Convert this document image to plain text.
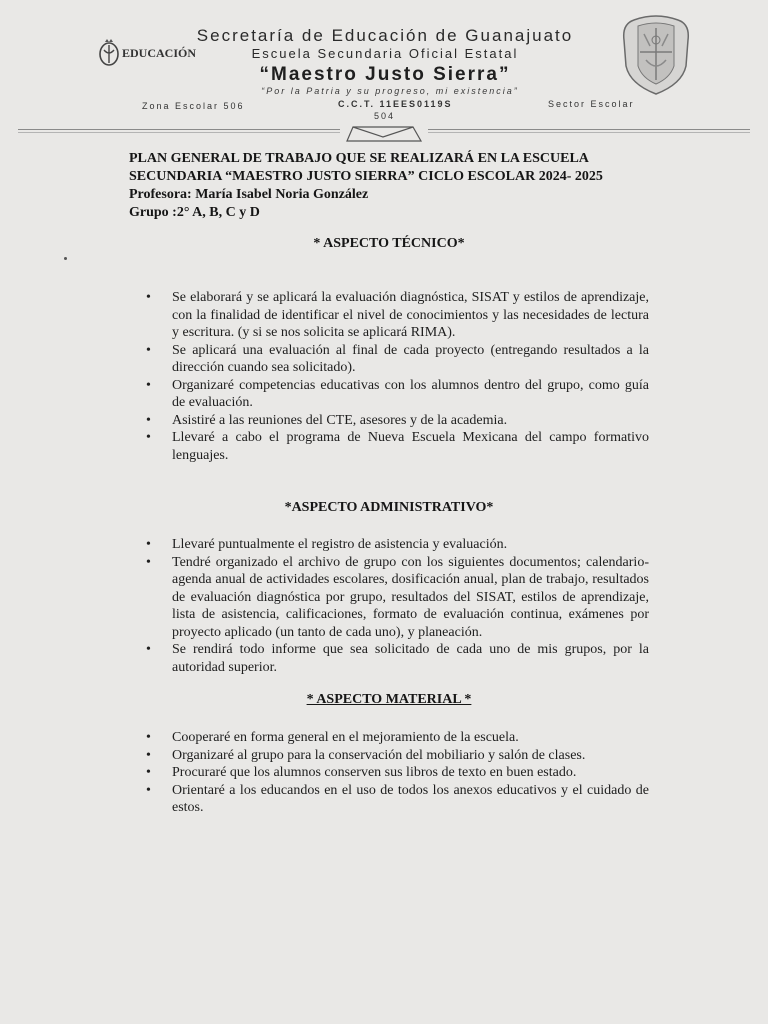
EDUCACIÓN
Secretaría de Educación de Guanajuato
Escuela Secundaria Oficial Estatal
“Maestro Justo Sierra”
“Por la Patria y su progreso, mi existencia”
Zona Escolar 506	C.C.T. 11EES0119S	Sector Escolar
504
PLAN GENERAL DE TRABAJO QUE SE REALIZARÁ EN LA ESCUELA
SECUNDARIA “MAESTRO JUSTO SIERRA” CICLO ESCOLAR 2024- 2025
Profesora: María Isabel Noria González
Grupo :2° A, B, C y D
* ASPECTO TÉCNICO*
• Se elaborará y se aplicará la evaluación diagnóstica, SISAT y estilos de aprendizaje, con la finalidad de identificar el nivel de conocimientos y las necesidades de lectura y escritura. (y si se nos solicita se aplicará RIMA).
• Se aplicará una evaluación al final de cada proyecto (entregando resultados a la dirección cuando sea solicitado).
• Organizaré competencias educativas con los alumnos dentro del grupo, como guía de evaluación.
• Asistiré a las reuniones del CTE, asesores y de la academia.
• Llevaré a cabo el programa de Nueva Escuela Mexicana del campo formativo lenguajes.
*ASPECTO ADMINISTRATIVO*
• Llevaré puntualmente el registro de asistencia y evaluación.
• Tendré organizado el archivo de grupo con los siguientes documentos; calendario- agenda anual de actividades escolares, dosificación anual, plan de trabajo, resultados de evaluación diagnóstica por grupo, resultados del SISAT, estilos de aprendizaje, lista de asistencia, calificaciones, formato de evaluación continua, exámenes por proyecto aplicado (un tanto de cada uno), y planeación.
• Se rendirá todo informe que sea solicitado de cada uno de mis grupos, por la autoridad superior.
* ASPECTO MATERIAL *
• Cooperaré en forma general en el mejoramiento de la escuela.
• Organizaré al grupo para la conservación del mobiliario y salón de clases.
• Procuraré que los alumnos conserven sus libros de texto en buen estado.
• Orientaré a los educandos en el uso de todos los anexos educativos y el cuidado de estos.
